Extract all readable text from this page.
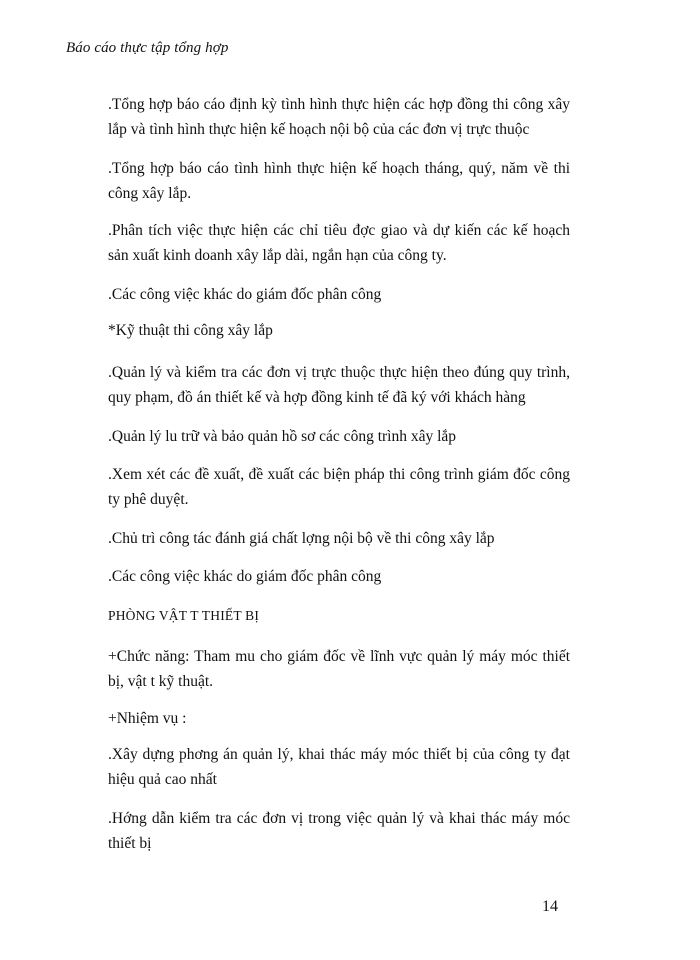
Báo cáo thực tập tổng hợp
.Tổng hợp báo cáo định kỳ tình hình thực hiện các hợp đồng thi công xây lắp và tình hình thực hiện kế hoạch nội bộ của các đơn vị trực thuộc
.Tổng hợp báo cáo tình hình thực hiện kế hoạch tháng, quý, năm về thi công xây lắp.
.Phân tích việc thực hiện các chỉ tiêu đợc giao và dự kiến các kế hoạch sản xuất kinh doanh xây lắp dài, ngắn hạn của công ty.
.Các công việc khác do giám đốc phân công
*Kỹ thuật thi công xây lắp
.Quản lý và kiểm tra các đơn vị trực thuộc thực hiện theo đúng quy trình, quy phạm, đồ án thiết kế và hợp đồng kinh tế đã ký với khách hàng
.Quản lý lu trữ và bảo quản hồ sơ các công trình xây lắp
.Xem xét các đề xuất, đề xuất các biện pháp thi công trình giám đốc công ty phê duyệt.
.Chủ trì công tác đánh giá chất lợng nội bộ về thi công xây lắp
.Các công việc khác do giám đốc phân công
PHÒNG VẬT T THIẾT BỊ
+Chức năng: Tham mu cho giám đốc về lĩnh vực quản lý máy móc thiết bị, vật t kỹ thuật.
+Nhiệm vụ :
.Xây dựng phơng án quản lý, khai thác máy móc thiết bị của công ty đạt hiệu quả cao nhất
.Hớng dẫn kiểm tra các đơn vị trong việc quản lý và khai thác máy móc thiết bị
14
